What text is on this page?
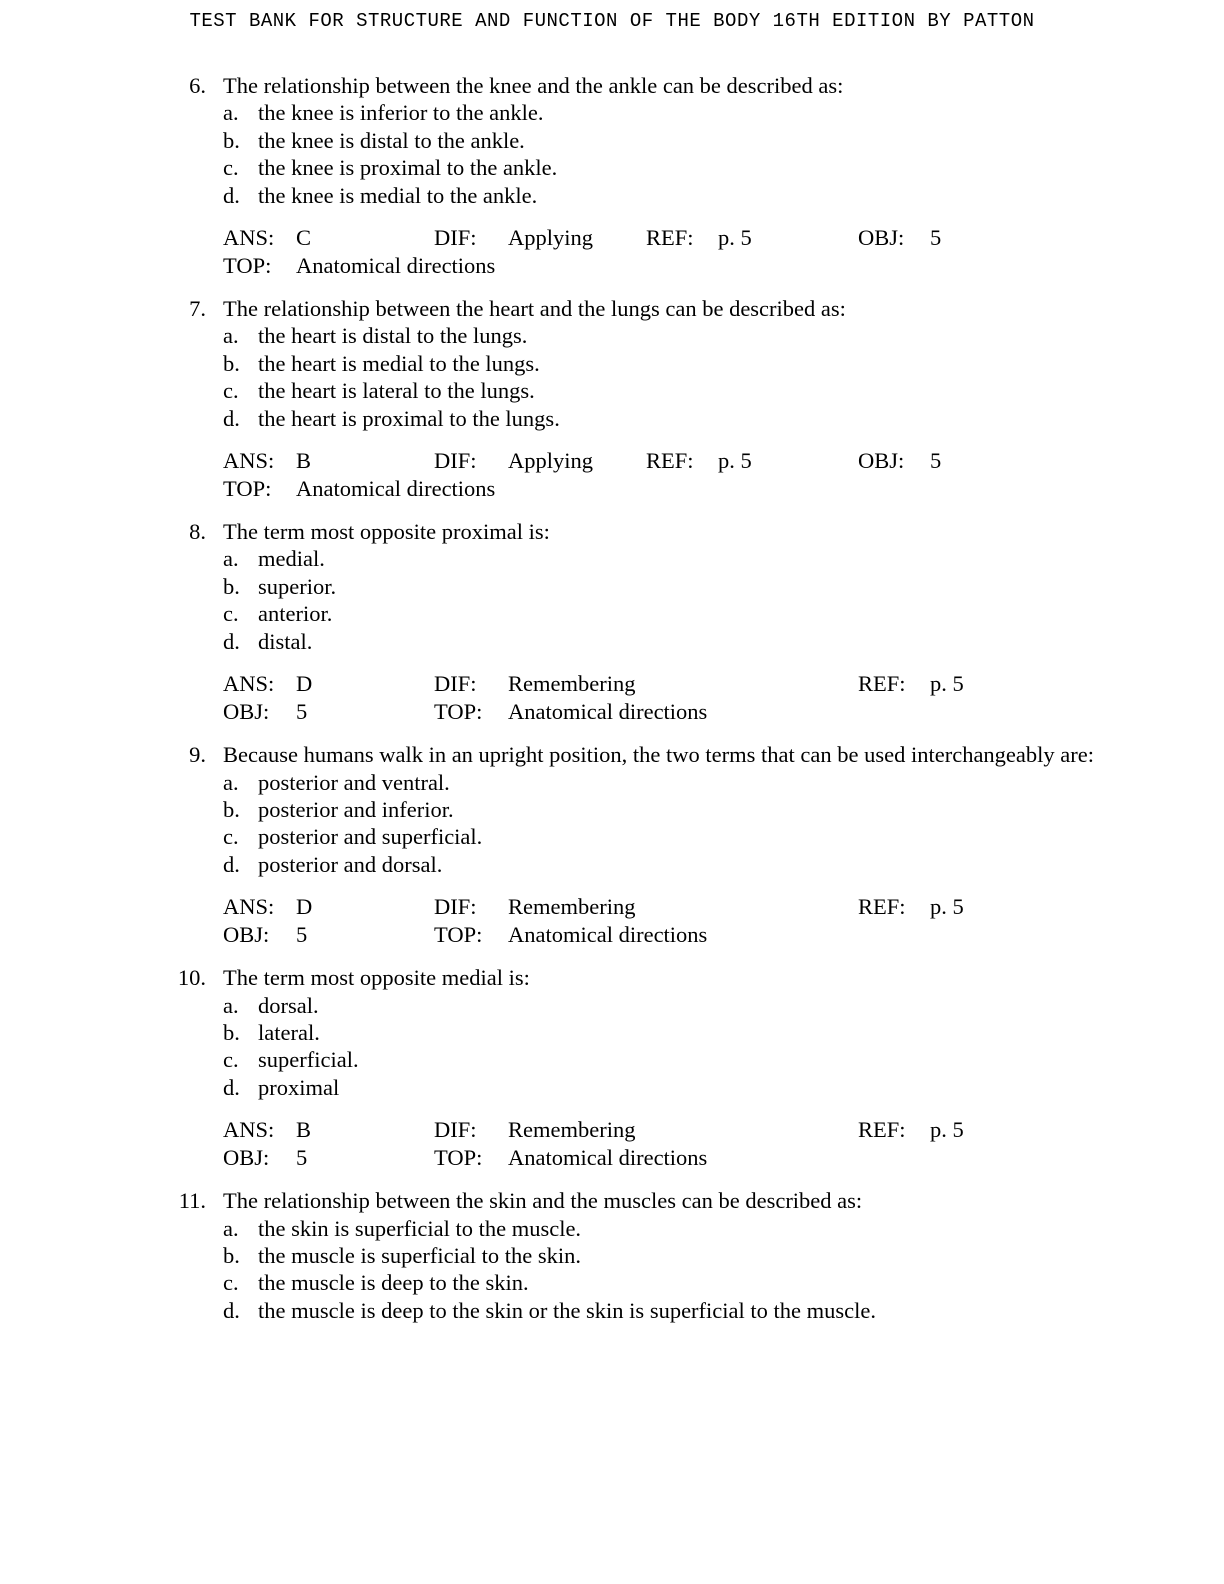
TEST BANK FOR STRUCTURE AND FUNCTION OF THE BODY 16TH EDITION BY PATTON
6. The relationship between the knee and the ankle can be described as:
a. the knee is inferior to the ankle.
b. the knee is distal to the ankle.
c. the knee is proximal to the ankle.
d. the knee is medial to the ankle.
ANS: C	DIF: Applying REF: p. 5	OBJ: 5
TOP: Anatomical directions
7. The relationship between the heart and the lungs can be described as:
a. the heart is distal to the lungs.
b. the heart is medial to the lungs.
c. the heart is lateral to the lungs.
d. the heart is proximal to the lungs.
ANS: B	DIF: Applying REF: p. 5	OBJ: 5
TOP: Anatomical directions
8. The term most opposite proximal is:
a. medial.
b. superior.
c. anterior.
d. distal.
ANS: D	DIF: Remembering	REF: p. 5
OBJ: 5	TOP: Anatomical directions
9. Because humans walk in an upright position, the two terms that can be used interchangeably are:
a. posterior and ventral.
b. posterior and inferior.
c. posterior and superficial.
d. posterior and dorsal.
ANS: D	DIF: Remembering	REF: p. 5
OBJ: 5	TOP: Anatomical directions
10. The term most opposite medial is:
a. dorsal.
b. lateral.
c. superficial.
d. proximal
ANS: B	DIF: Remembering	REF: p. 5
OBJ: 5	TOP: Anatomical directions
11. The relationship between the skin and the muscles can be described as:
a. the skin is superficial to the muscle.
b. the muscle is superficial to the skin.
c. the muscle is deep to the skin.
d. the muscle is deep to the skin or the skin is superficial to the muscle.
